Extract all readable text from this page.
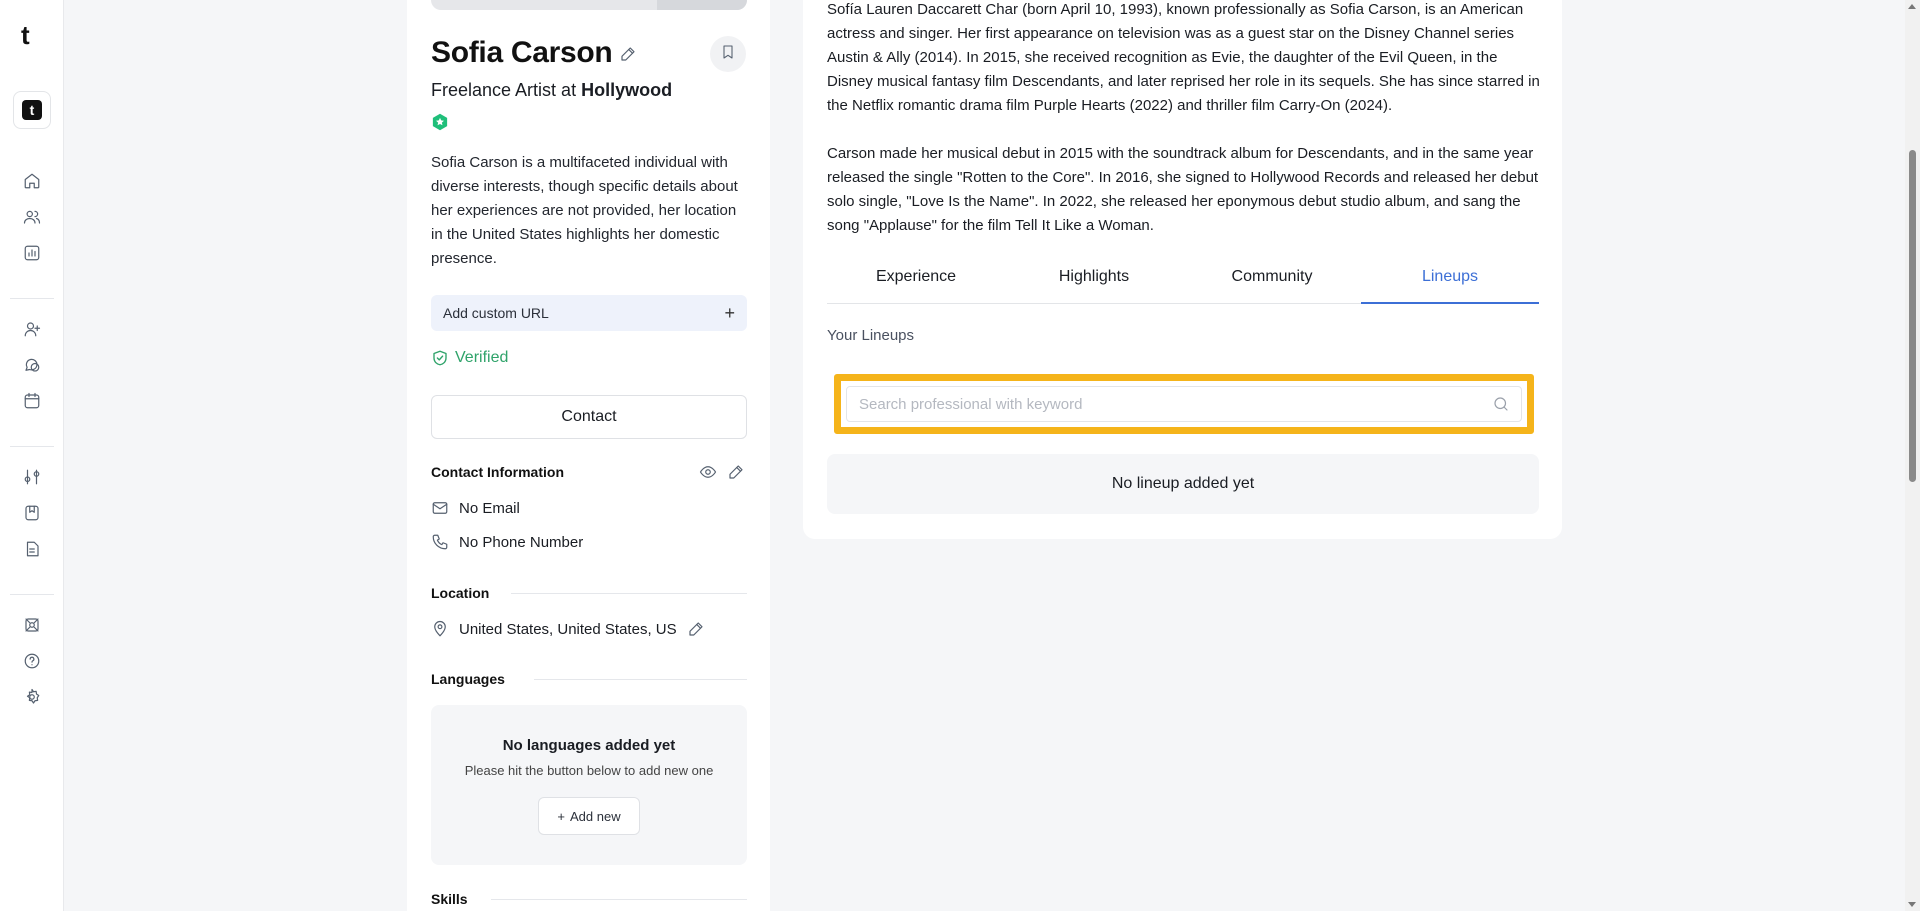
t
t
Sofia Carson
Freelance Artist at Hollywood
Sofia Carson is a multifaceted individual with diverse interests, though specific details about her experiences are not provided, her location in the United States highlights her domestic presence.
Add custom URL	+
Verified
Contact
Contact Information
No Email
No Phone Number
Location
United States, United States, US
Languages
No languages added yet
Please hit the button below to add new one
+ Add new
Skills

Sofía Lauren Daccarett Char (born April 10, 1993), known professionally as Sofia Carson, is an American actress and singer. Her first appearance on television was as a guest star on the Disney Channel series Austin & Ally (2014). In 2015, she received recognition as Evie, the daughter of the Evil Queen, in the Disney musical fantasy film Descendants, and later reprised her role in its sequels. She has since starred in the Netflix romantic drama film Purple Hearts (2022) and thriller film Carry-On (2024).

Carson made her musical debut in 2015 with the soundtrack album for Descendants, and in the same year released the single "Rotten to the Core". In 2016, she signed to Hollywood Records and released her debut solo single, "Love Is the Name". In 2022, she released her eponymous debut studio album, and sang the song "Applause" for the film Tell It Like a Woman.

Experience	Highlights	Community	Lineups
Your Lineups
Search professional with keyword
No lineup added yet
